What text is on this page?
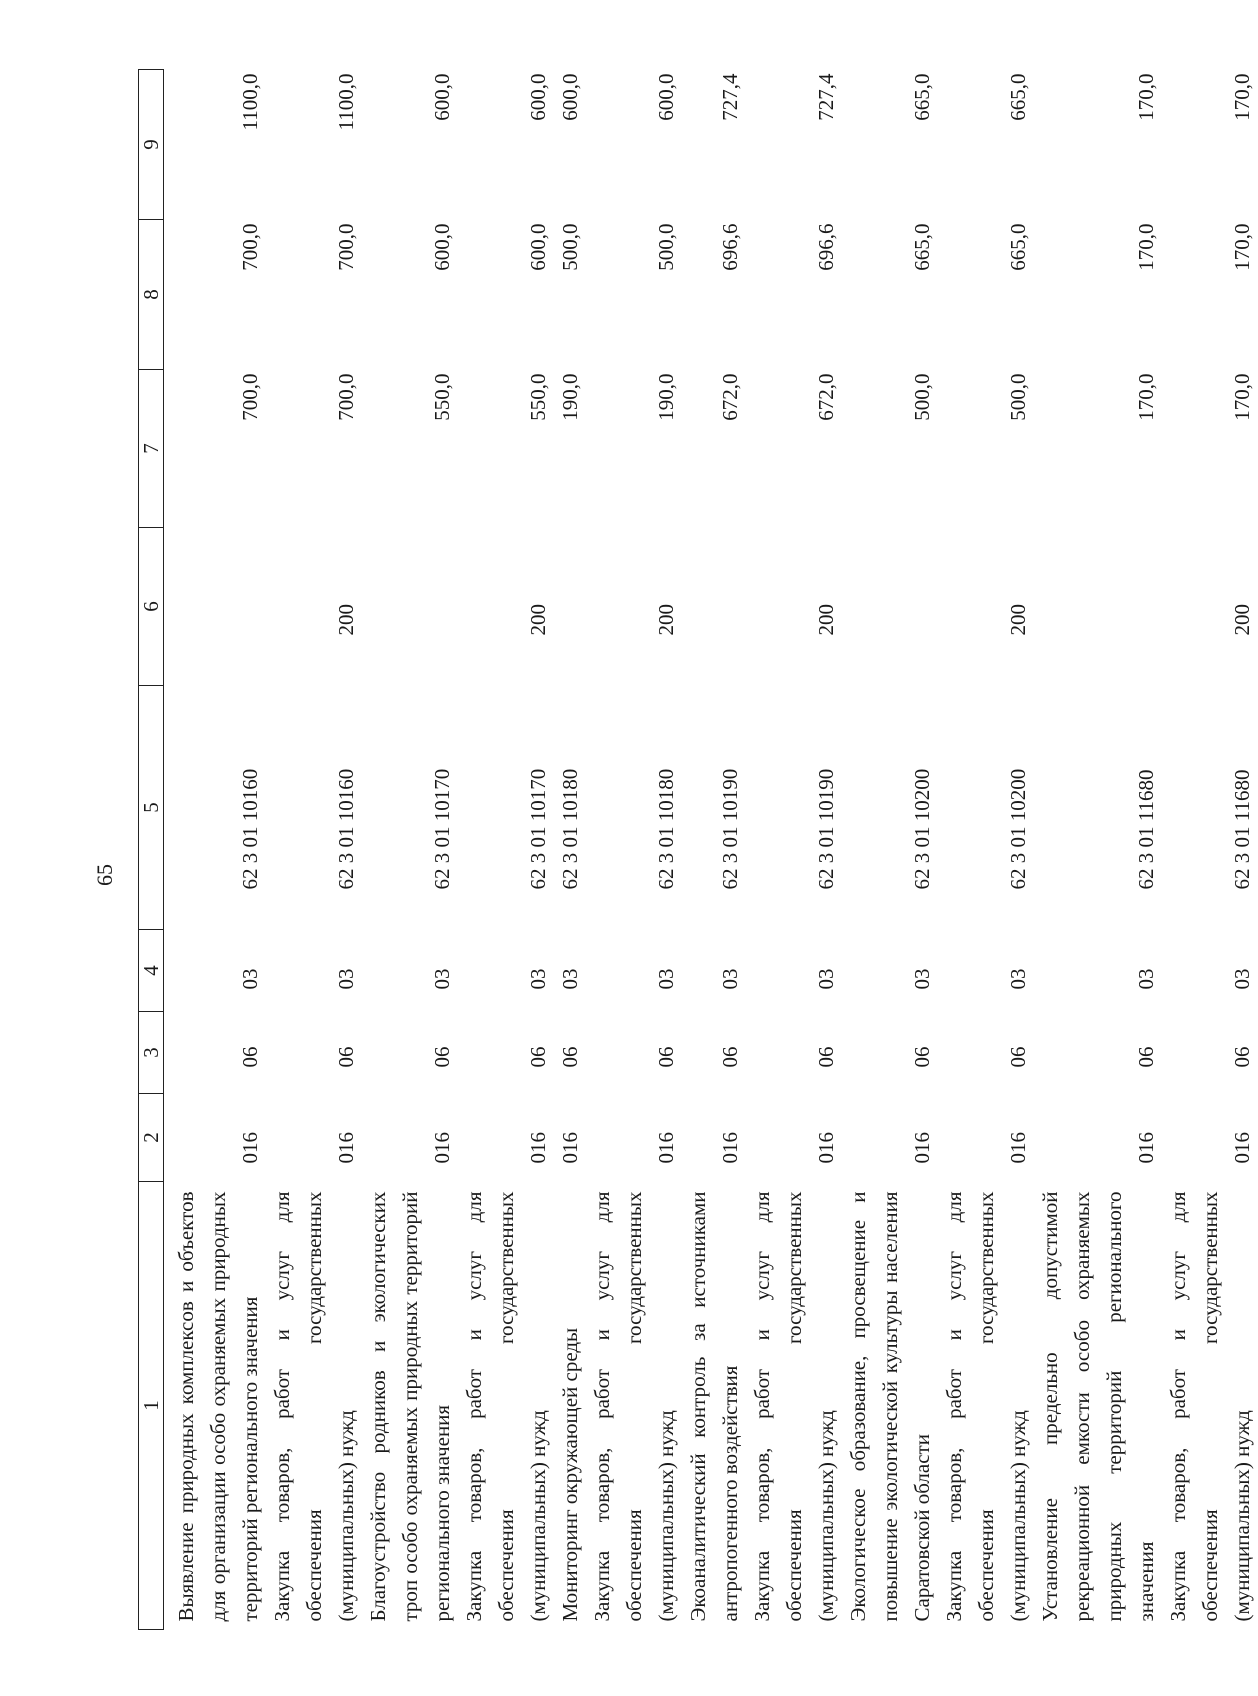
65
1	2	3	4	5	6	7	8	9
Выявление природных комплексов и объектов для организации особо охраняемых природных территорий регионального значения	016	06	03	62 3 01 10160		700,0	700,0	1100,0
Закупка товаров, работ и услуг для обеспечения государственных (муниципальных) нужд	016	06	03	62 3 01 10160	200	700,0	700,0	1100,0
Благоустройство родников и экологических троп особо охраняемых природных территорий регионального значения	016	06	03	62 3 01 10170		550,0	600,0	600,0
Закупка товаров, работ и услуг для обеспечения государственных (муниципальных) нужд	016	06	03	62 3 01 10170	200	550,0	600,0	600,0
Мониторинг окружающей среды	016	06	03	62 3 01 10180		190,0	500,0	600,0
Закупка товаров, работ и услуг для обеспечения государственных (муниципальных) нужд	016	06	03	62 3 01 10180	200	190,0	500,0	600,0
Экоаналитический контроль за источниками антропогенного воздействия	016	06	03	62 3 01 10190		672,0	696,6	727,4
Закупка товаров, работ и услуг для обеспечения государственных (муниципальных) нужд	016	06	03	62 3 01 10190	200	672,0	696,6	727,4
Экологическое образование, просвещение и повышение экологической культуры населения Саратовской области	016	06	03	62 3 01 10200		500,0	665,0	665,0
Закупка товаров, работ и услуг для обеспечения государственных (муниципальных) нужд	016	06	03	62 3 01 10200	200	500,0	665,0	665,0
Установление предельно допустимой рекреационной емкости особо охраняемых природных территорий регионального значения	016	06	03	62 3 01 11680		170,0	170,0	170,0
Закупка товаров, работ и услуг для обеспечения государственных (муниципальных) нужд	016	06	03	62 3 01 11680	200	170,0	170,0	170,0
